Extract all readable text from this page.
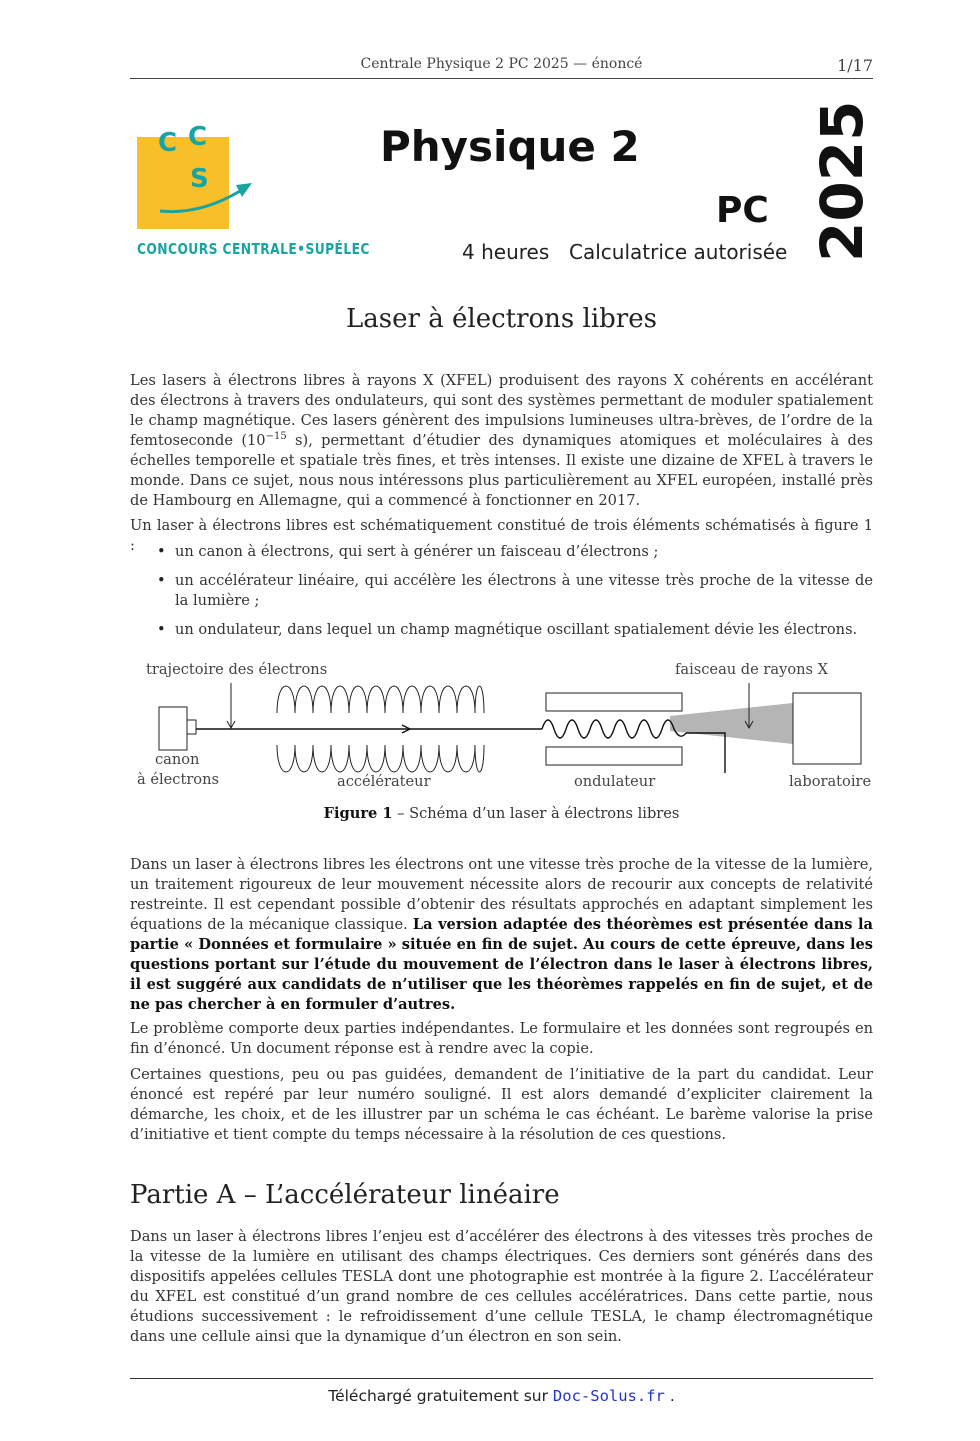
Centrale Physique 2 PC 2025 — énoncé	1/17
C C
S
CONCOURS CENTRALE•SUPÉLEC
Physique 2
PC
4 heures Calculatrice autorisée 2025
Laser à électrons libres
Les lasers à électrons libres à rayons X (XFEL) produisent des rayons X cohérents en accélérant des électrons à travers des ondulateurs, qui sont des systèmes permettant de moduler spatialement le champ magnétique. Ces lasers génèrent des impulsions lumineuses ultra-brèves, de l’ordre de la femtoseconde ($10^{-15}$ s), permettant d’étudier des dynamiques atomiques et moléculaires à des échelles temporelle et spatiale très fines, et très intenses. Il existe une dizaine de XFEL à travers le monde. Dans ce sujet, nous nous intéressons plus particulièrement au XFEL européen, installé près de Hambourg en Allemagne, qui a commencé à fonctionner en 2017.
Un laser à électrons libres est schématiquement constitué de trois éléments schématisés à figure 1 :
•	un canon à électrons, qui sert à générer un faisceau d’électrons ;
• un accélérateur linéaire, qui accélère les électrons à une vitesse très proche de la vitesse de la lumière ;
• un ondulateur, dans lequel un champ magnétique oscillant spatialement dévie les électrons.
trajectoire des électrons	faisceau de rayons X
canon
à électrons	accélérateur	ondulateur	laboratoire
Figure 1 – Schéma d’un laser à électrons libres
Dans un laser à électrons libres les électrons ont une vitesse très proche de la vitesse de la lumière, un traitement rigoureux de leur mouvement nécessite alors de recourir aux concepts de relativité restreinte. Il est cependant possible d’obtenir des résultats approchés en adaptant simplement les équations de la mécanique classique. La version adaptée des théorèmes est présentée dans la partie « Données et formulaire » située en fin de sujet. Au cours de cette épreuve, dans les questions portant sur l’étude du mouvement de l’électron dans le laser à électrons libres, il est suggéré aux candidats de n’utiliser que les théorèmes rappelés en fin de sujet, et de ne pas chercher à en formuler d’autres.
Le problème comporte deux parties indépendantes. Le formulaire et les données sont regroupés en fin d’énoncé. Un document réponse est à rendre avec la copie.
Certaines questions, peu ou pas guidées, demandent de l’initiative de la part du candidat. Leur énoncé est repéré par leur numéro souligné. Il est alors demandé d’expliciter clairement la démarche, les choix, et de les illustrer par un schéma le cas échéant. Le barème valorise la prise d’initiative et tient compte du temps nécessaire à la résolution de ces questions.
Partie A – L’accélérateur linéaire
Dans un laser à électrons libres l’enjeu est d’accélérer des électrons à des vitesses très proches de la vitesse de la lumière en utilisant des champs électriques. Ces derniers sont générés dans des dispositifs appelées cellules TESLA dont une photographie est montrée à la figure 2. L’accélérateur du XFEL est constitué d’un grand nombre de ces cellules accélératrices. Dans cette partie, nous étudions successivement : le refroidissement d’une cellule TESLA, le champ électromagnétique dans une cellule ainsi que la dynamique d’un électron en son sein.
Téléchargé gratuitement sur Doc-Solus.fr .
